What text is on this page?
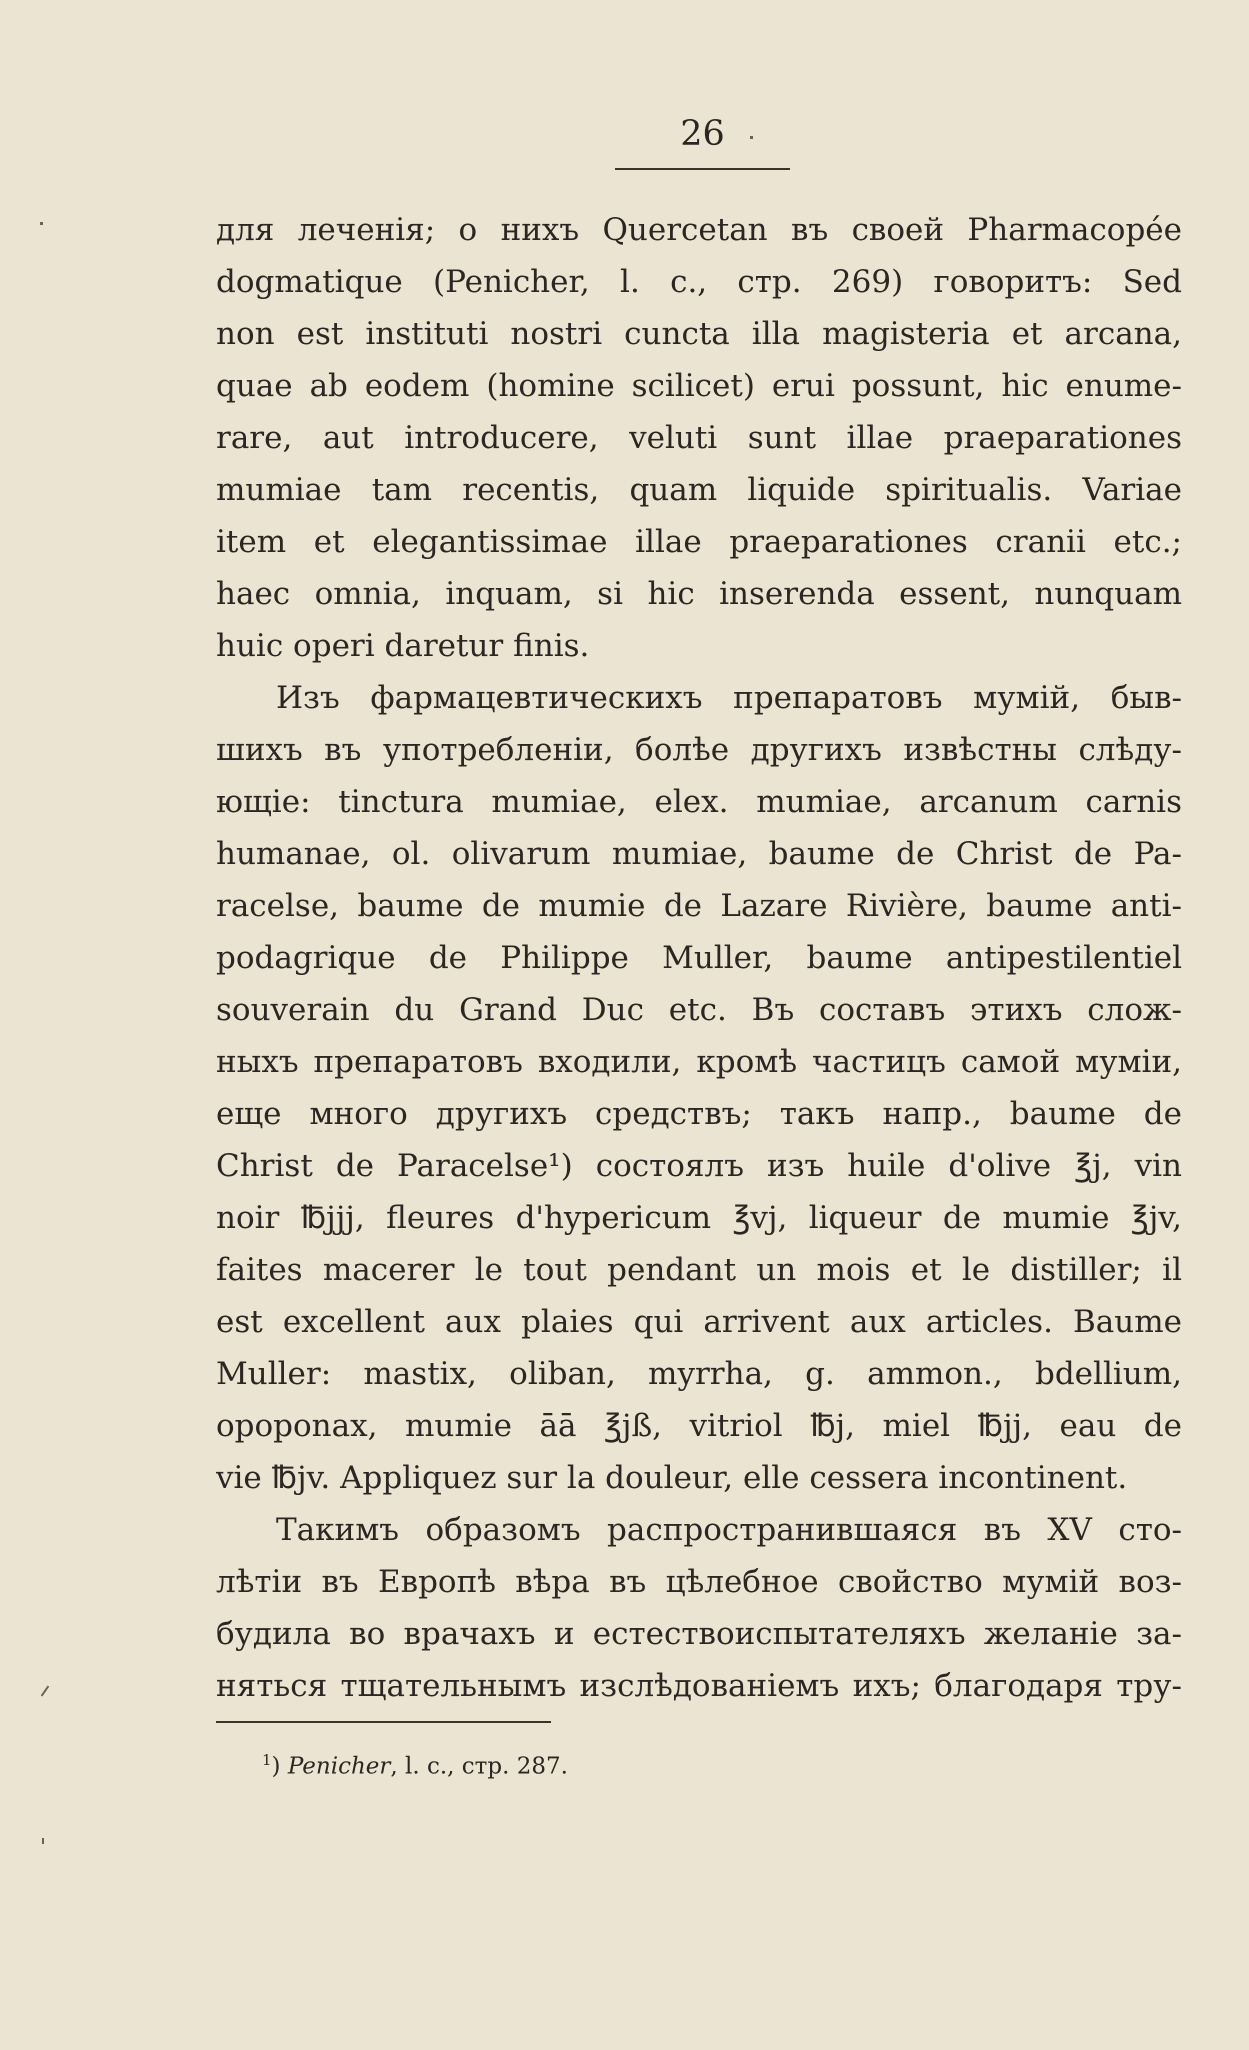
26
для леченія; о нихъ Quercetan въ своей Pharmacopée
dogmatique (Penicher, l. c., стр. 269) говоритъ: Sed
non est instituti nostri cuncta illa magisteria et arcana,
quae ab eodem (homine scilicet) erui possunt, hic enume-
rare, aut introducere, veluti sunt illae praeparationes
mumiae tam recentis, quam liquide spiritualis. Variae
item et elegantissimae illae praeparationes cranii etc.;
haec omnia, inquam, si hic inserenda essent, nunquam
huic operi daretur finis.
Изъ фармацевтическихъ препаратовъ мумій, быв-
шихъ въ употребленіи, болѣе другихъ извѣстны слѣду-
ющіе: tinctura mumiae, elex. mumiae, arcanum carnis
humanae, ol. olivarum mumiae, baume de Christ de Pa-
racelse, baume de mumie de Lazare Rivière, baume anti-
podagrique de Philippe Muller, baume antipestilentiel
souverain du Grand Duc etc. Въ составъ этихъ слож-
ныхъ препаратовъ входили, кромѣ частицъ самой муміи,
еще много другихъ средствъ; такъ напр., baume de
Christ de Paracelse¹) состоялъ изъ huile d'olive ℥j, vin
noir ℔jjj, fleures d'hypericum ℥vj, liqueur de mumie ℥jv,
faites macerer le tout pendant un mois et le distiller; il
est excellent aux plaies qui arrivent aux articles. Baume
Muller: mastix, oliban, myrrha, g. ammon., bdellium,
opoponax, mumie āā ℥jß, vitriol ℔j, miel ℔jj, eau de
vie ℔jv. Appliquez sur la douleur, elle cessera incontinent.
Такимъ образомъ распространившаяся въ XV сто-
лѣтіи въ Европѣ вѣра въ цѣлебное свойство мумій воз-
будила во врачахъ и естествоиспытателяхъ желаніе за-
няться тщательнымъ изслѣдованіемъ ихъ; благодаря тру-
$^1$) Penicher, l. c., стр. 287.
